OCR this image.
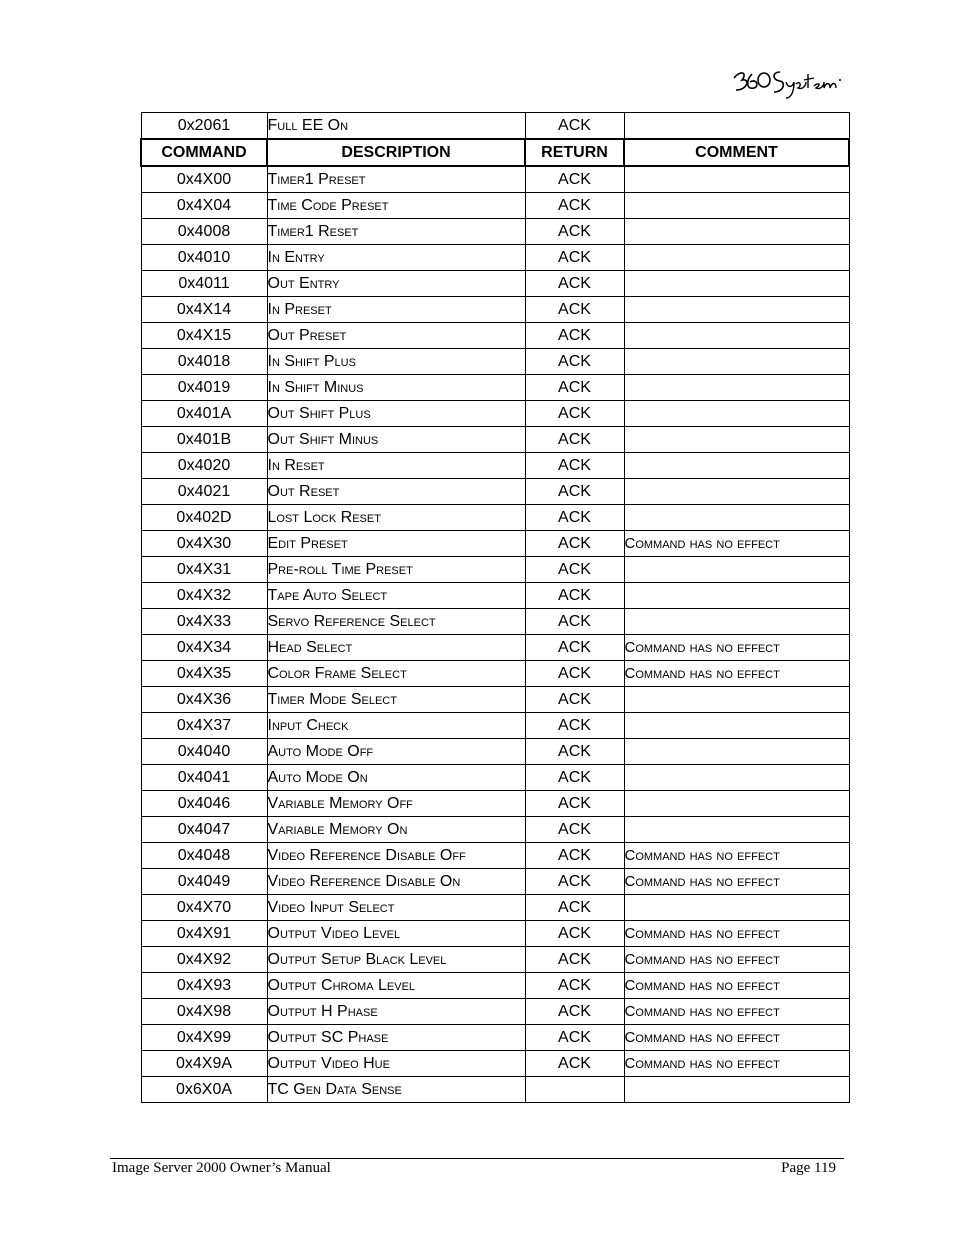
0x2061	Full EE On	ACK	
COMMAND	DESCRIPTION	RETURN	COMMENT
0x4X00	Timer1 Preset	ACK	
0x4X04	Time Code Preset	ACK	
0x4008	Timer1 Reset	ACK	
0x4010	In Entry	ACK	
0x4011	Out Entry	ACK	
0x4X14	In Preset	ACK	
0x4X15	Out Preset	ACK	
0x4018	In Shift Plus	ACK	
0x4019	In Shift Minus	ACK	
0x401A	Out Shift Plus	ACK	
0x401B	Out Shift Minus	ACK	
0x4020	In Reset	ACK	
0x4021	Out Reset	ACK	
0x402D	Lost Lock Reset	ACK	
0x4X30	Edit Preset	ACK	Command has no effect
0x4X31	Pre-roll Time Preset	ACK	
0x4X32	Tape Auto Select	ACK	
0x4X33	Servo Reference Select	ACK	
0x4X34	Head Select	ACK	Command has no effect
0x4X35	Color Frame Select	ACK	Command has no effect
0x4X36	Timer Mode Select	ACK	
0x4X37	Input Check	ACK	
0x4040	Auto Mode Off	ACK	
0x4041	Auto Mode On	ACK	
0x4046	Variable Memory Off	ACK	
0x4047	Variable Memory On	ACK	
0x4048	Video Reference Disable Off	ACK	Command has no effect
0x4049	Video Reference Disable On	ACK	Command has no effect
0x4X70	Video Input Select	ACK	
0x4X91	Output Video Level	ACK	Command has no effect
0x4X92	Output Setup Black Level	ACK	Command has no effect
0x4X93	Output Chroma Level	ACK	Command has no effect
0x4X98	Output H Phase	ACK	Command has no effect
0x4X99	Output SC Phase	ACK	Command has no effect
0x4X9A	Output Video Hue	ACK	Command has no effect
0x6X0A	TC Gen Data Sense		
Image Server 2000 Owner’s Manual	Page 119
